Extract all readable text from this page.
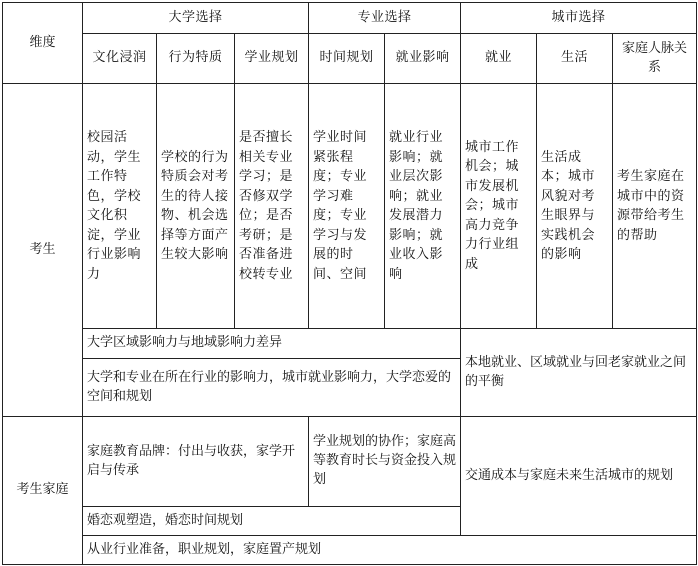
维度	大学选择			专业选择		城市选择		
	文化浸润	行为特质	学业规划	时间规划	就业影响	就业	生活	家庭人脉关系
考生	校园活动，学生工作特色，学校文化积淀，学业行业影响力	学校的行为特质会对考生的待人接物、机会选择等方面产生较大影响	是否擅长相关专业学习；是否修双学位；是否考研；是否准备进校转专业	学业时间紧张程度；专业学习难度；专业学习与发展的时间、空间	就业行业影响；就业层次影响；就业发展潜力影响；就业收入影响	城市工作机会；城市发展机会；城市高力竞争力行业组成	生活成本；城市风貌对考生眼界与实践机会的影响	考生家庭在城市中的资源带给考生的帮助
	大学区域影响力与地域影响力差异					本地就业、区域就业与回老家就业之间的平衡		
	大学和专业在所在行业的影响力，城市就业影响力，大学恋爱的空间和规划							
考生家庭	家庭教育品牌：付出与收获，家学开启与传承			学业规划的协作；家庭高等教育时长与资金投入规划		交通成本与家庭未来生活城市的规划		
	婚恋观塑造，婚恋时间规划							
	从业行业准备，职业规划，家庭置产规划							
